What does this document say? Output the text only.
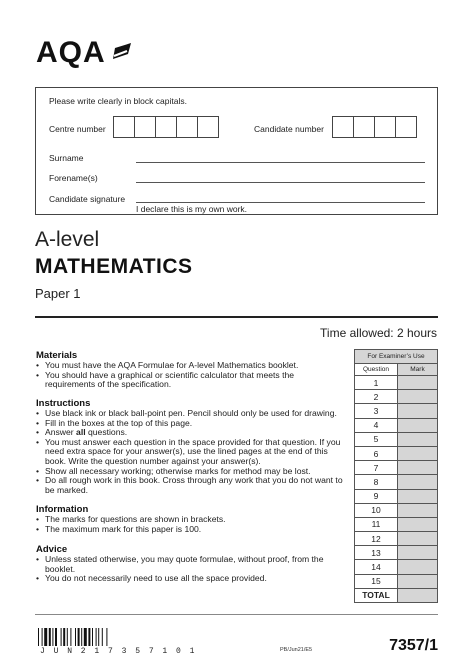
AQA
Please write clearly in block capitals.
Centre number	Candidate number
Surname
Forename(s)
Candidate signature
I declare this is my own work.
A-level
MATHEMATICS
Paper 1
Time allowed: 2 hours
Materials
• You must have the AQA Formulae for A-level Mathematics booklet.
• You should have a graphical or scientific calculator that meets the requirements of the specification.
Instructions
• Use black ink or black ball-point pen. Pencil should only be used for drawing.
• Fill in the boxes at the top of this page.
• Answer all questions.
• You must answer each question in the space provided for that question. If you need extra space for your answer(s), use the lined pages at the end of this book. Write the question number against your answer(s).
• Show all necessary working; otherwise marks for method may be lost.
• Do all rough work in this book. Cross through any work that you do not want to be marked.
Information
• The marks for questions are shown in brackets.
• The maximum mark for this paper is 100.
Advice
• Unless stated otherwise, you may quote formulae, without proof, from the booklet.
• You do not necessarily need to use all the space provided.
For Examiner’s Use	
Question	Mark
1	
2	
3	
4	
5	
6	
7	
8	
9	
10	
11	
12	
13	
14	
15	
TOTAL	
J U N 2 1 7 3 5 7 1 0 1	PB/Jun21/E5	7357/1
